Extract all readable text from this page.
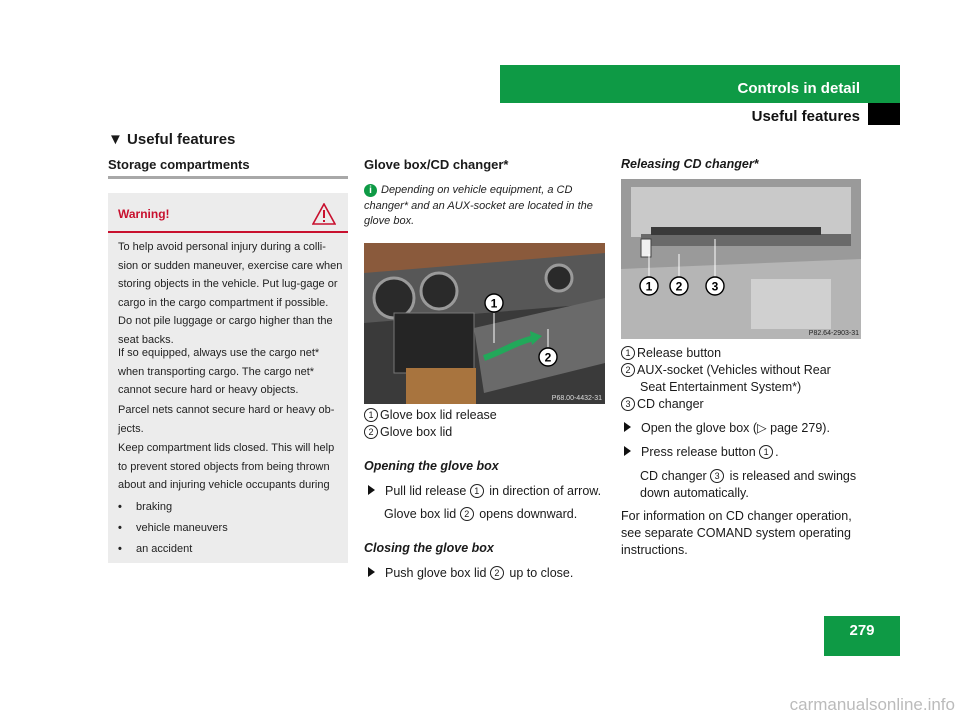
Controls in detail
Useful features
▼ Useful features
Storage compartments
Warning!
To help avoid personal injury during a colli-sion or sudden maneuver, exercise care when storing objects in the vehicle. Put lug-gage or cargo in the cargo compartment if possible. Do not pile luggage or cargo higher than the seat backs.
If so equipped, always use the cargo net* when transporting cargo. The cargo net* cannot secure hard or heavy objects.
Parcel nets cannot secure hard or heavy ob-jects.
Keep compartment lids closed. This will help to prevent stored objects from being thrown about and injuring vehicle occupants during
• braking
• vehicle maneuvers
• an accident
Glove box/CD changer*
i Depending on vehicle equipment, a CD changer* and an AUX-socket are located in the glove box.
1
2
P68.00-4432-31
1 Glove box lid release
2 Glove box lid
Opening the glove box
Pull lid release 1 in direction of arrow.
Glove box lid 2 opens downward.
Closing the glove box
Push glove box lid 2 up to close.
Releasing CD changer*
1 2 3
P82.64-2903-31
1 Release button
2 AUX-socket (Vehicles without Rear
Seat Entertainment System*)
3 CD changer
Open the glove box (▷ page 279).
Press release button 1 .
CD changer 3 is released and swings
down automatically.
For information on CD changer operation,
see separate COMAND system operating
instructions.
279
carmanualsonline.info
